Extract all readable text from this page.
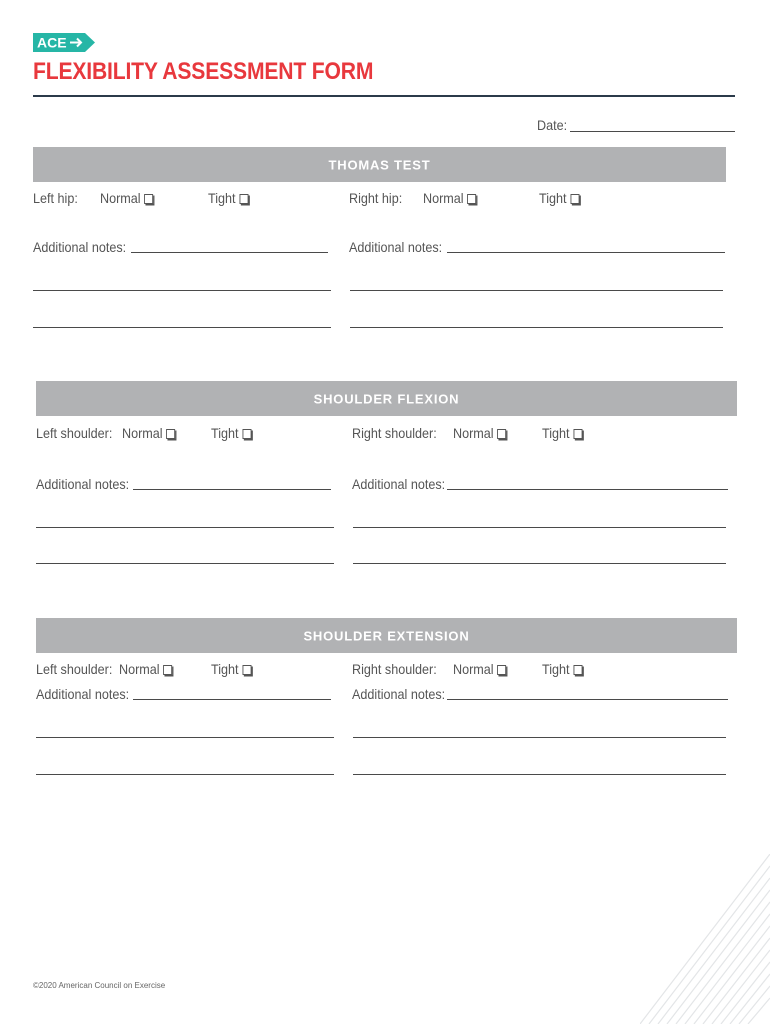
ACE
FLEXIBILITY ASSESSMENT FORM
Date:
THOMAS TEST
Left hip: Normal	Tight	Right hip: Normal	Tight
Additional notes:	Additional notes:
SHOULDER FLEXION
Left shoulder: Normal	Tight	Right shoulder: Normal	Tight
Additional notes:	Additional notes:
SHOULDER EXTENSION
Left shoulder: Normal	Tight	Right shoulder: Normal	Tight
Additional notes:	Additional notes:
©2020 American Council on Exercise
